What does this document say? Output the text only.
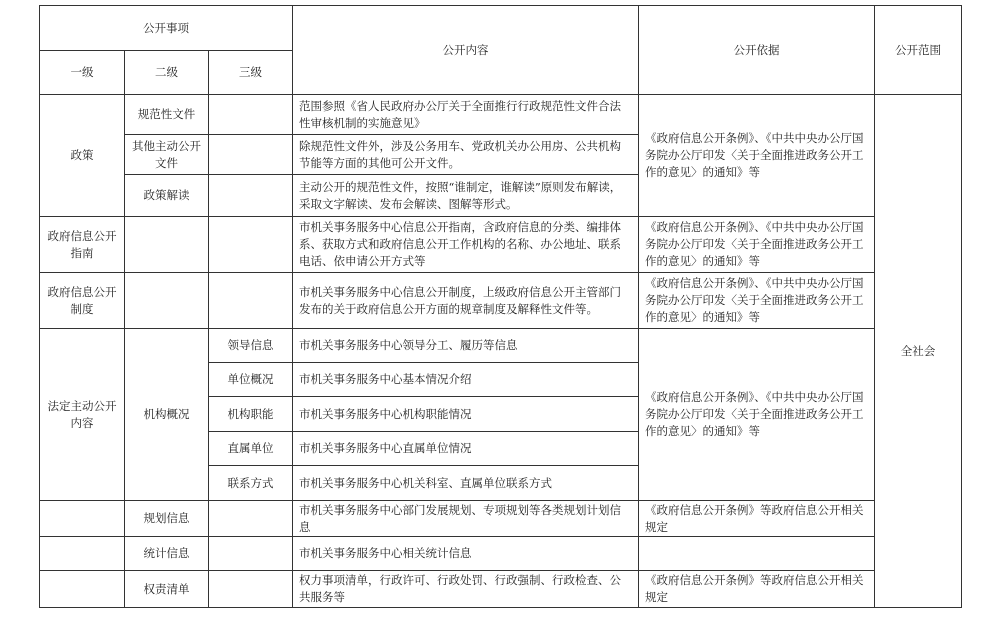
公开事项			公开内容	公开依据	公开范围
一级	二级	三级			
政策	规范性文件		范围参照《省人民政府办公厅关于全面推行行政规范性文件合法性审核机制的实施意见》	《政府信息公开条例》、《中共中央办公厅国务院办公厅印发〈关于全面推进政务公开工作的意见〉的通知》等	全社会
	其他主动公开文件		除规范性文件外，涉及公务用车、党政机关办公用房、公共机构节能等方面的其他可公开文件。		
	政策解读		主动公开的规范性文件，按照“谁制定，谁解读”原则发布解读，采取文字解读、发布会解读、图解等形式。		
政府信息公开指南			市机关事务服务中心信息公开指南，含政府信息的分类、编排体系、获取方式和政府信息公开工作机构的名称、办公地址、联系电话、依申请公开方式等	《政府信息公开条例》、《中共中央办公厅国务院办公厅印发〈关于全面推进政务公开工作的意见〉的通知》等	
政府信息公开制度			市机关事务服务中心信息公开制度，上级政府信息公开主管部门发布的关于政府信息公开方面的规章制度及解释性文件等。	《政府信息公开条例》、《中共中央办公厅国务院办公厅印发〈关于全面推进政务公开工作的意见〉的通知》等	
法定主动公开内容	机构概况	领导信息	市机关事务服务中心领导分工、履历等信息	《政府信息公开条例》、《中共中央办公厅国务院办公厅印发〈关于全面推进政务公开工作的意见〉的通知》等	
		单位概况	市机关事务服务中心基本情况介绍		
		机构职能	市机关事务服务中心机构职能情况		
		直属单位	市机关事务服务中心直属单位情况		
		联系方式	市机关事务服务中心机关科室、直属单位联系方式		
	规划信息		市机关事务服务中心部门发展规划、专项规划等各类规划计划信息	《政府信息公开条例》等政府信息公开相关规定	
	统计信息		市机关事务服务中心相关统计信息		
	权责清单		权力事项清单，行政许可、行政处罚、行政强制、行政检查、公共服务等	《政府信息公开条例》等政府信息公开相关规定	
